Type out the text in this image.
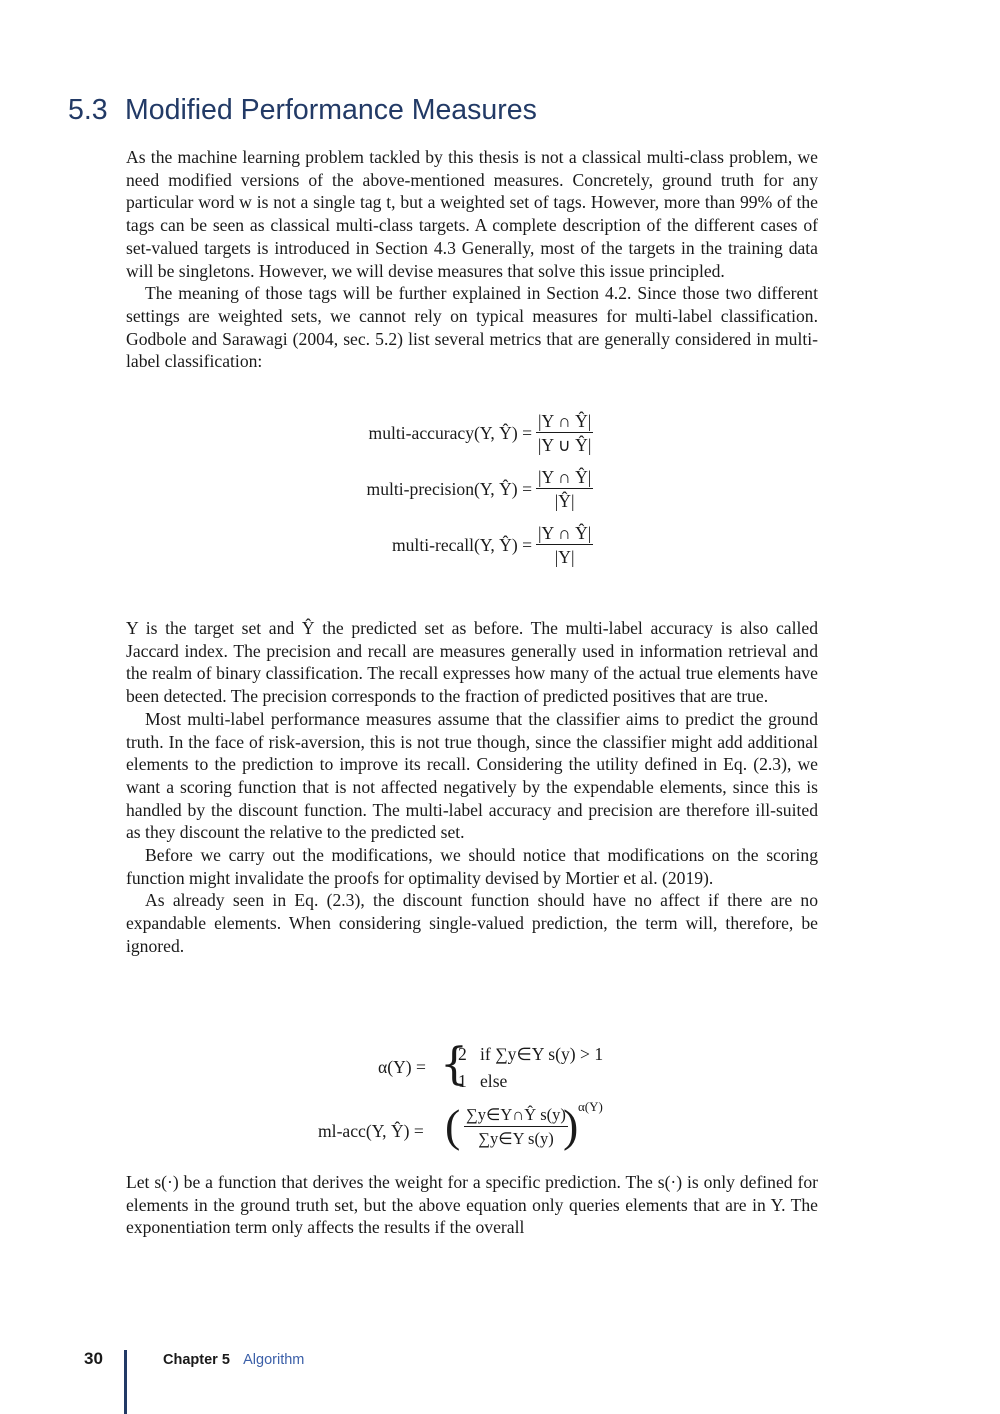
5.3 Modified Performance Measures

As the machine learning problem tackled by this thesis is not a classical multi-class problem, we need modified versions of the above-mentioned measures. Concretely, ground truth for any particular word w is not a single tag t, but a weighted set of tags. However, more than 99% of the tags can be seen as classical multi-class targets. A complete description of the different cases of set-valued targets is introduced in Section 4.3 Generally, most of the targets in the training data will be singletons. However, we will devise measures that solve this issue principled.

The meaning of those tags will be further explained in Section 4.2. Since those two different settings are weighted sets, we cannot rely on typical measures for multi-label classification. Godbole and Sarawagi (2004, sec. 5.2) list several metrics that are generally considered in multi-label classification:

multi-accuracy(Y, Ŷ) = $\frac{|Y \cap Ŷ|}{|Y \cup Ŷ|}$
multi-precision(Y, Ŷ) = $\frac{|Y \cap Ŷ|}{|Ŷ|}$
multi-recall(Y, Ŷ) = $\frac{|Y \cap Ŷ|}{|Y|}$

Y is the target set and Ŷ the predicted set as before. The multi-label accuracy is also called Jaccard index. The precision and recall are measures generally used in information retrieval and the realm of binary classification. The recall expresses how many of the actual true elements have been detected. The precision corresponds to the fraction of predicted positives that are true.

Most multi-label performance measures assume that the classifier aims to predict the ground truth. In the face of risk-aversion, this is not true though, since the classifier might add additional elements to the prediction to improve its recall. Considering the utility defined in Eq. (2.3), we want a scoring function that is not affected negatively by the expendable elements, since this is handled by the discount function. The multi-label accuracy and precision are therefore ill-suited as they discount the relative to the predicted set.

Before we carry out the modifications, we should notice that modifications on the scoring function might invalidate the proofs for optimality devised by Mortier et al. (2019).

As already seen in Eq. (2.3), the discount function should have no affect if there are no expandable elements. When considering single-valued prediction, the term will, therefore, be ignored.

α(Y) = {
2   if ∑y∈Y s(y) > 1
1   else
ml-acc(Y, Ŷ) = ( $\frac{\text{∑y∈Y∩Ŷ s(y)}}{\text{∑y∈Y s(y)}}$
) α(Y)

Let s(·) be a function that derives the weight for a specific prediction. The s(·) is only defined for elements in the ground truth set, but the above equation only queries elements that are in Y. The exponentiation term only affects the results if the overall

30	Chapter 5 Algorithm
